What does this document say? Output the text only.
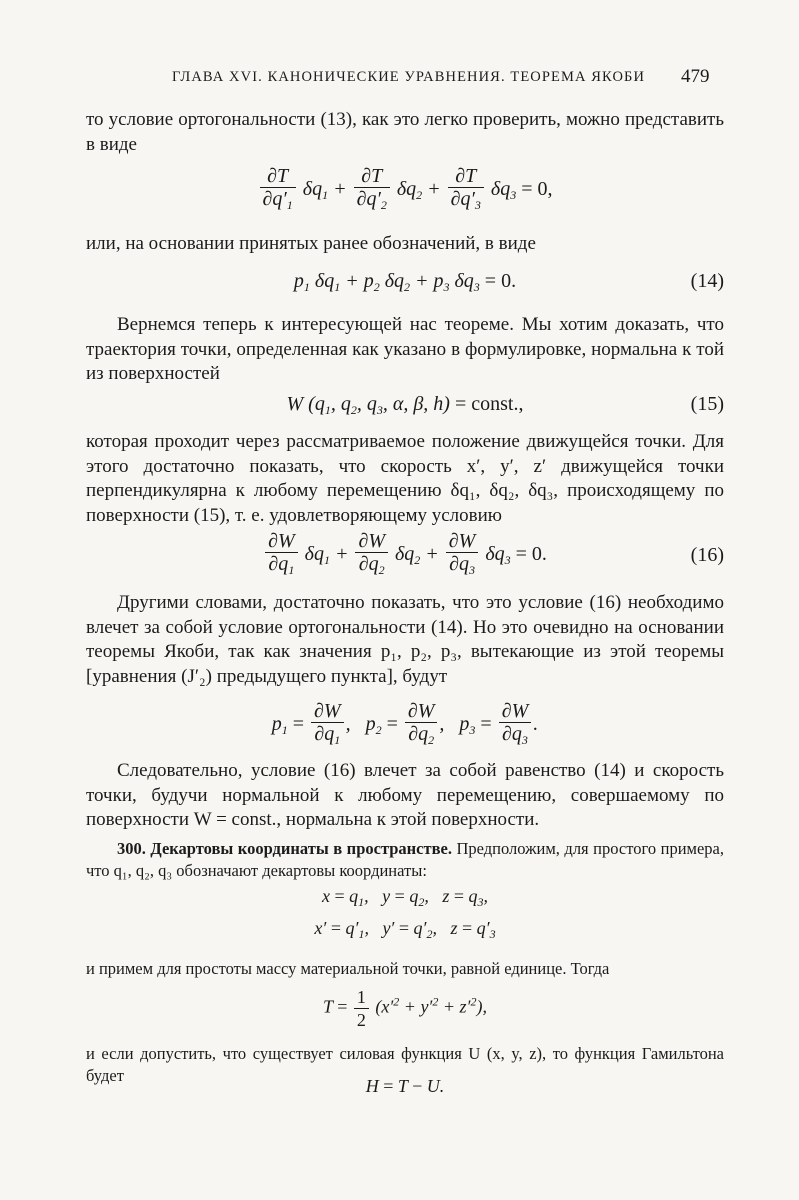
ГЛАВА XVI. КАНОНИЧЕСКИЕ УРАВНЕНИЯ. ТЕОРЕМА ЯКОБИ 479
то условие ортогональности (13), как это легко проверить, можно представить в виде
$\frac{\partial T}{\partial q'_1} \delta q_1 + \frac{\partial T}{\partial q'_2} \delta q_2 + \frac{\partial T}{\partial q'_3} \delta q_3 = 0$,
или, на основании принятых ранее обозначений, в виде
$p_1$ $\delta q_1 + p_2$ $\delta q_2 + p_3$ $\delta q_3 = 0$.	(14)
Вернемся теперь к интересующей нас теореме. Мы хотим доказать, что траектория точки, определенная как указано в формулировке, нормальна к той из поверхностей
W ($q_1$, $q_2$, $q_3$, α, β, h) = const.,	(15)
которая проходит через рассматриваемое положение движущейся точки. Для этого достаточно показать, что скорость x′, y′, z′ движущейся точки перпендикулярна к любому перемещению δq₁, δq₂, δq₃, происходящему по поверхности (15), т. е. удовлетворяющему условию
$\frac{\partial W}{\partial q_1} \delta q_1 + \frac{\partial W}{\partial q_2} \delta q_2 + \frac{\partial W}{\partial q_3} \delta q_3 = 0$.	(16)
Другими словами, достаточно показать, что это условие (16) необходимо влечет за собой условие ортогональности (14). Но это очевидно на основании теоремы Якоби, так как значения p₁, p₂, p₃, вытекающие из этой теоремы [уравнения (J′₂) предыдущего пункта], будут
$p_1 = \frac{\partial W}{\partial q_1}$ ,   $p_2 = \frac{\partial W}{\partial q_2}$ ,   $p_3 = \frac{\partial W}{\partial q_3}$ .
Следовательно, условие (16) влечет за собой равенство (14) и скорость точки, будучи нормальной к любому перемещению, совершаемому по поверхности W = const., нормальна к этой поверхности.
300. Декартовы координаты в пространстве. Предположим, для простого примера, что q₁, q₂, q₃ обозначают декартовы координаты:
$x = q_1$,   $y = q_2$,   $z = q_3$,
$x' = q'_1$,   $y' = q'_2$,   $z = q'_3$
и примем для простоты массу материальной точки, равной единице. Тогда
$T = \frac{1}{2} (x'^2 + y'^2 + z'^2)$,
и если допустить, что существует силовая функция U (x, y, z), то функция Гамильтона будет
H = T − U.
